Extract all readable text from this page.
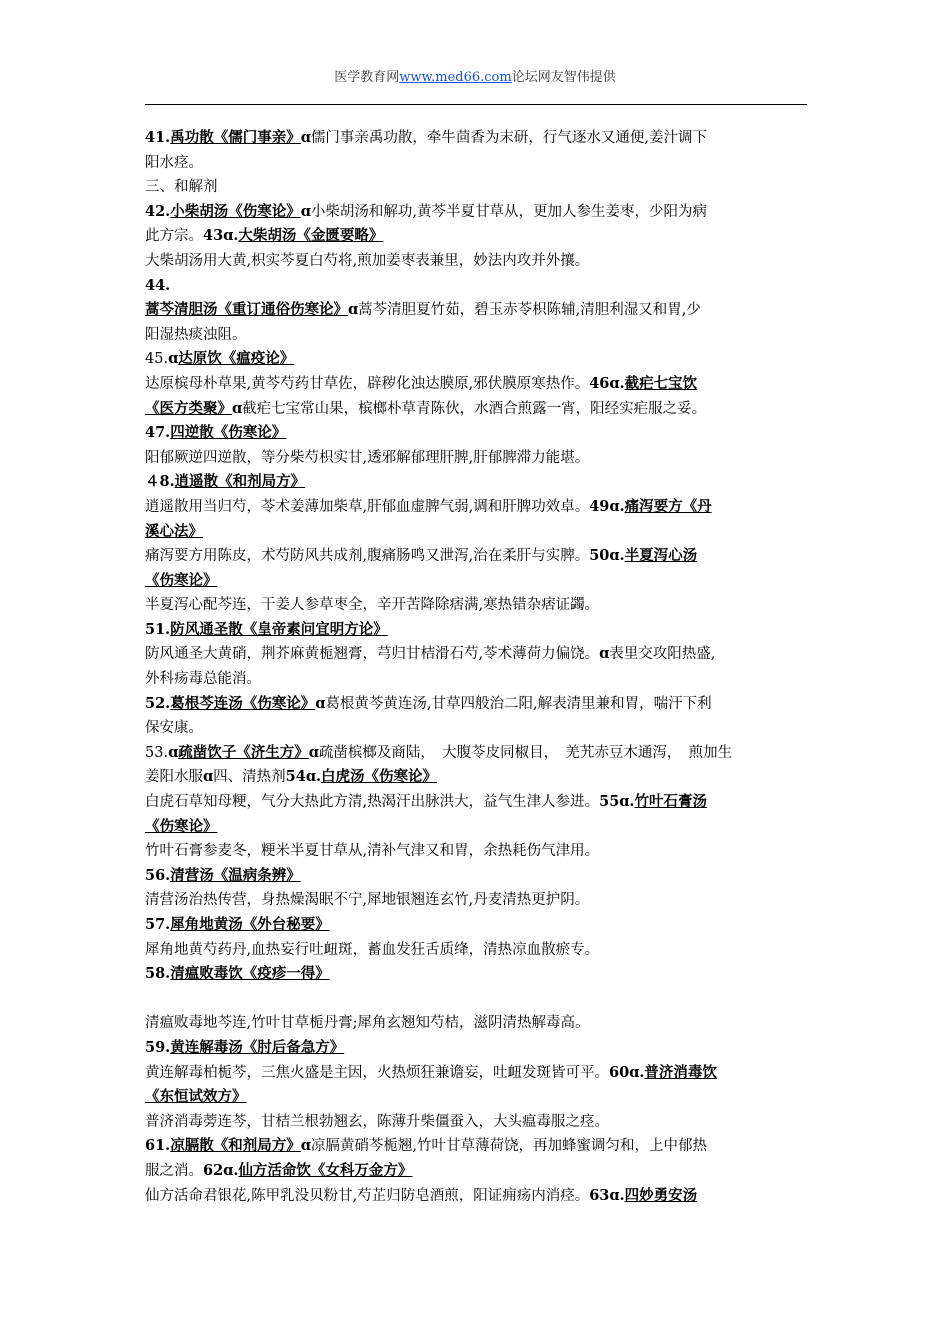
医学教育网www.med66.com论坛网友智伟提供

41.禹功散《儒门事亲》ɑ儒门事亲禹功散，牵牛茴香为末研，行气逐水又通便,姜汁调下

阳水痉。

三、和解剂

42.小柴胡汤《伤寒论》ɑ小柴胡汤和解功,黄芩半夏甘草从，更加人参生姜枣，少阳为病

此方宗。43ɑ.大柴胡汤《金匮要略》

大柴胡汤用大黄,枳实芩夏白芍将,煎加姜枣表兼里，妙法内攻并外攘。

44.

蒿芩清胆汤《重订通俗伤寒论》ɑ蒿芩清胆夏竹茹，碧玉赤苓枳陈辅,清胆利湿又和胃,少

阳湿热痰浊阻。

45.ɑ达原饮《瘟疫论》

达原槟母朴草果,黄芩芍药甘草佐，辟秽化浊达膜原,邪伏膜原寒热作。46ɑ.截疟七宝饮

《医方类聚》ɑ截疟七宝常山果，槟榔朴草青陈伙，水酒合煎露一宵，阳经实疟服之妥。

47.四逆散《伤寒论》

阳郁厥逆四逆散，等分柴芍枳实甘,透邪解郁理肝脾,肝郁脾滞力能堪。

４8.逍遥散《和剂局方》

逍遥散用当归芍，苓术姜薄加柴草,肝郁血虚脾气弱,调和肝脾功效卓。49ɑ.痛泻要方《丹

溪心法》

痛泻要方用陈皮，术芍防风共成剂,腹痛肠鸣又泄泻,治在柔肝与实脾。50ɑ.半夏泻心汤

《伤寒论》

半夏泻心配芩连，干姜人参草枣全，辛开苦降除痞满,寒热错杂痞证蠲。

51.防风通圣散《皇帝素问宜明方论》

防风通圣大黄硝，荆芥麻黄栀翘膏，芎归甘桔滑石芍,苓术薄荷力偏饶。ɑ表里交攻阳热盛,

外科疡毒总能消。

52.葛根芩连汤《伤寒论》ɑ葛根黄芩黄连汤,甘草四般治二阳,解表清里兼和胃，喘汗下利

保安康。

53.ɑ疏凿饮子《济生方》ɑ疏凿槟榔及商陆，　大腹苓皮同椒目，　羌艽赤豆木通泻，　煎加生

姜阳水服ɑ四、清热剂54ɑ.白虎汤《伤寒论》

白虎石草知母粳，气分大热此方清,热渴汗出脉洪大，益气生津人参进。55ɑ.竹叶石膏汤

《伤寒论》

竹叶石膏参麦冬，粳米半夏甘草从,清补气津又和胃，余热耗伤气津用。

56.清营汤《温病条辨》

清营汤治热传营，身热燥渴眠不宁,犀地银翘连玄竹,丹麦清热更护阴。

57.犀角地黄汤《外台秘要》

犀角地黄芍药丹,血热妄行吐衄斑，蓄血发狂舌质绛，清热凉血散瘀专。

58.清瘟败毒饮《疫疹一得》

清瘟败毒地芩连,竹叶甘草栀丹膏;犀角玄翘知芍桔，滋阴清热解毒高。

59.黄连解毒汤《肘后备急方》

黄连解毒柏栀芩，三焦火盛是主因，火热烦狂兼谵妄，吐衄发斑皆可平。60ɑ.普济消毒饮

《东恒试效方》

普济消毒蒡连芩，甘桔兰根勃翘玄，陈薄升柴僵蚕入，大头瘟毒服之痉。

61.凉膈散《和剂局方》ɑ凉膈黄硝芩栀翘,竹叶甘草薄荷饶，再加蜂蜜调匀和，上中郁热

服之消。62ɑ.仙方活命饮《女科万金方》

仙方活命君银花,陈甲乳没贝粉甘,芍芷归防皂酒煎，阳证痈疡内消痉。63ɑ.四妙勇安汤
